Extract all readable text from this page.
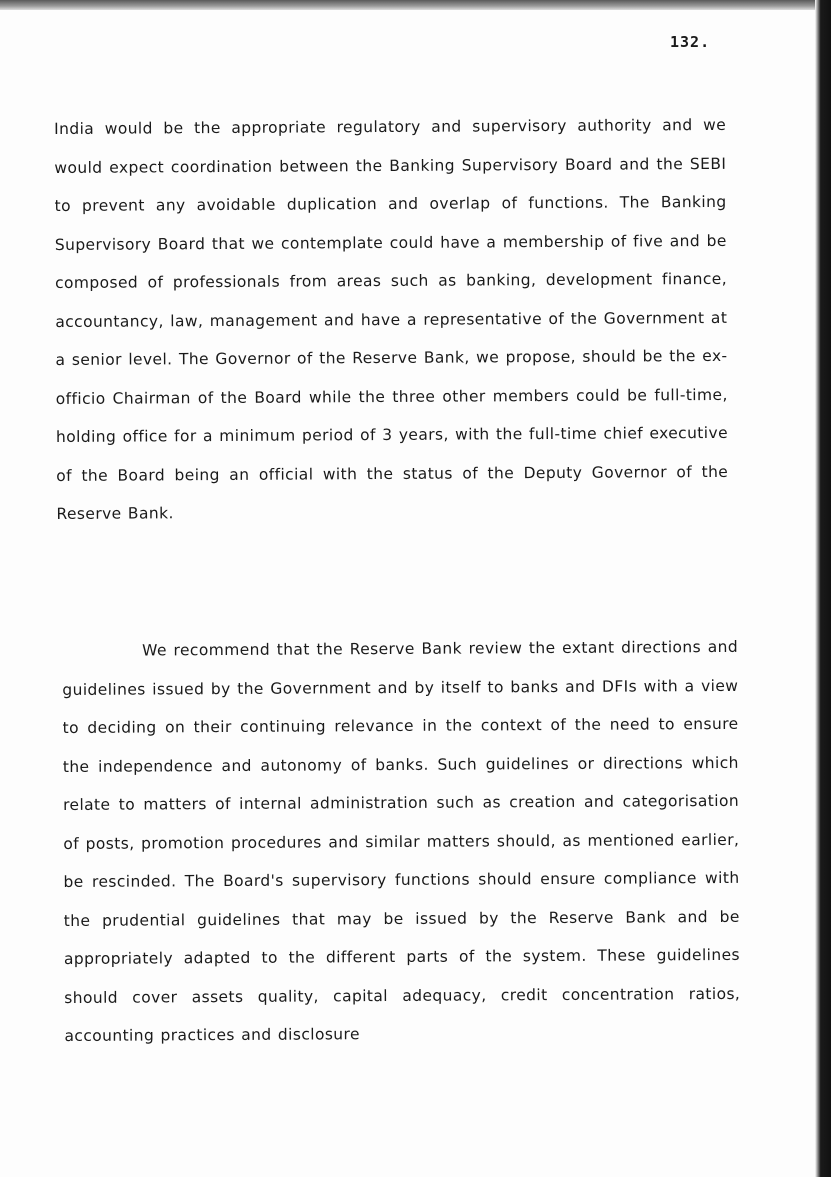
132.

India would be the appropriate regulatory and supervisory authority and we would expect coordination between the Banking Supervisory Board and the SEBI to prevent any avoidable duplication and overlap of functions. The Banking Supervisory Board that we contemplate could have a membership of five and be composed of professionals from areas such as banking, development finance, accountancy, law, management and have a representative of the Government at a senior level. The Governor of the Reserve Bank, we propose, should be the ex-officio Chairman of the Board while the three other members could be full-time, holding office for a minimum period of 3 years, with the full-time chief executive of the Board being an official with the status of the Deputy Governor of the Reserve Bank.

We recommend that the Reserve Bank review the extant directions and guidelines issued by the Government and by itself to banks and DFIs with a view to deciding on their continuing relevance in the context of the need to ensure the independence and autonomy of banks. Such guidelines or directions which relate to matters of internal administration such as creation and categorisation of posts, promotion procedures and similar matters should, as mentioned earlier, be rescinded. The Board's supervisory functions should ensure compliance with the prudential guidelines that may be issued by the Reserve Bank and be appropriately adapted to the different parts of the system. These guidelines should cover assets quality, capital adequacy, credit concentration ratios, accounting practices and disclosure
